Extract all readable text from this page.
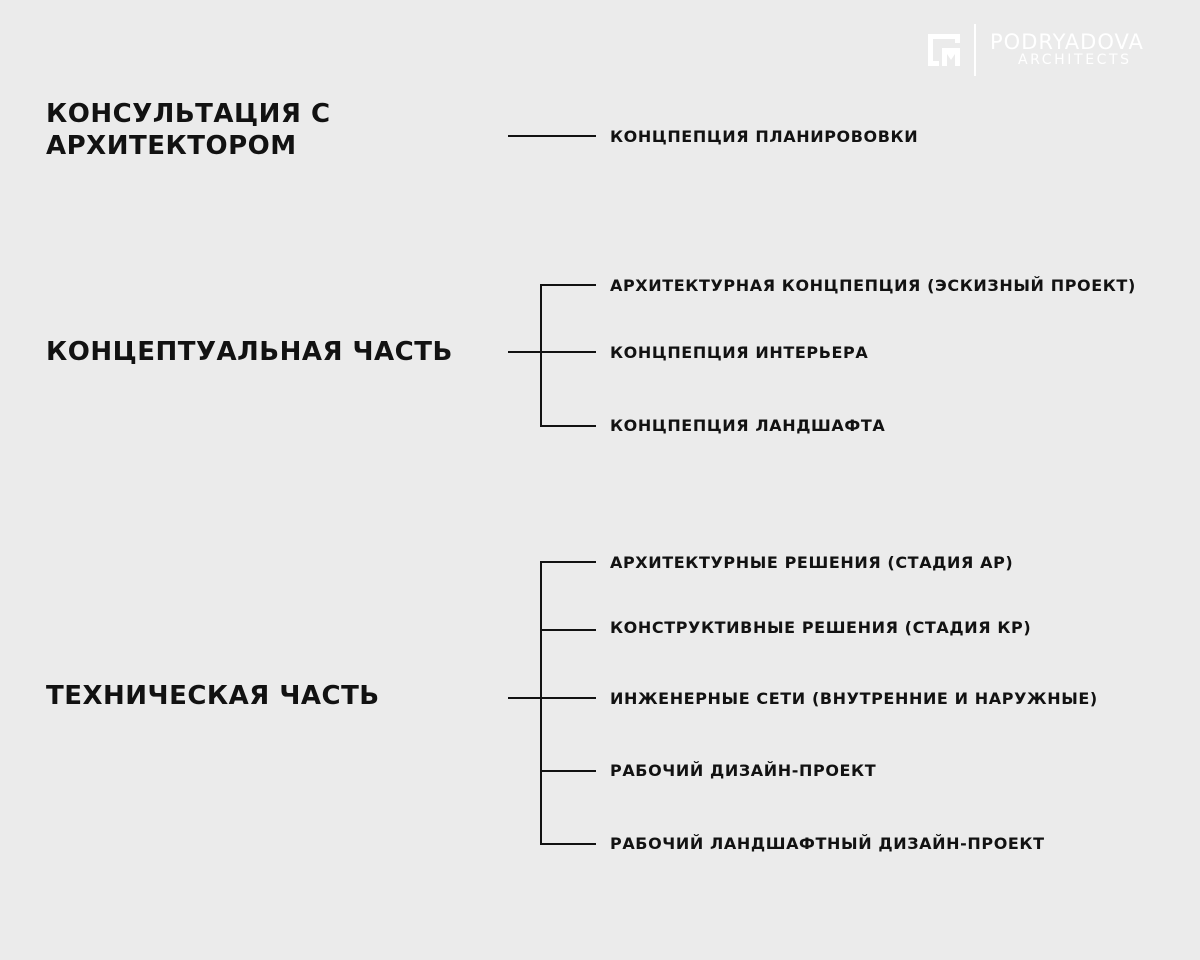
PODRYADOVA
ARCHITECTS
КОНСУЛЬТАЦИЯ С
АРХИТЕКТОРОМ	КОНЦПЕПЦИЯ ПЛАНИРОВОВКИ
КОНЦЕПТУАЛЬНАЯ ЧАСТЬ
АРХИТЕКТУРНАЯ КОНЦПЕПЦИЯ (ЭСКИЗНЫЙ ПРОЕКТ)
КОНЦПЕПЦИЯ ИНТЕРЬЕРА
КОНЦПЕПЦИЯ ЛАНДШАФТА
ТЕХНИЧЕСКАЯ ЧАСТЬ
АРХИТЕКТУРНЫЕ РЕШЕНИЯ (СТАДИЯ АР)
КОНСТРУКТИВНЫЕ РЕШЕНИЯ (СТАДИЯ КР)
ИНЖЕНЕРНЫЕ СЕТИ (ВНУТРЕННИЕ И НАРУЖНЫЕ)
РАБОЧИЙ ДИЗАЙН-ПРОЕКТ
РАБОЧИЙ ЛАНДШАФТНЫЙ ДИЗАЙН-ПРОЕКТ
